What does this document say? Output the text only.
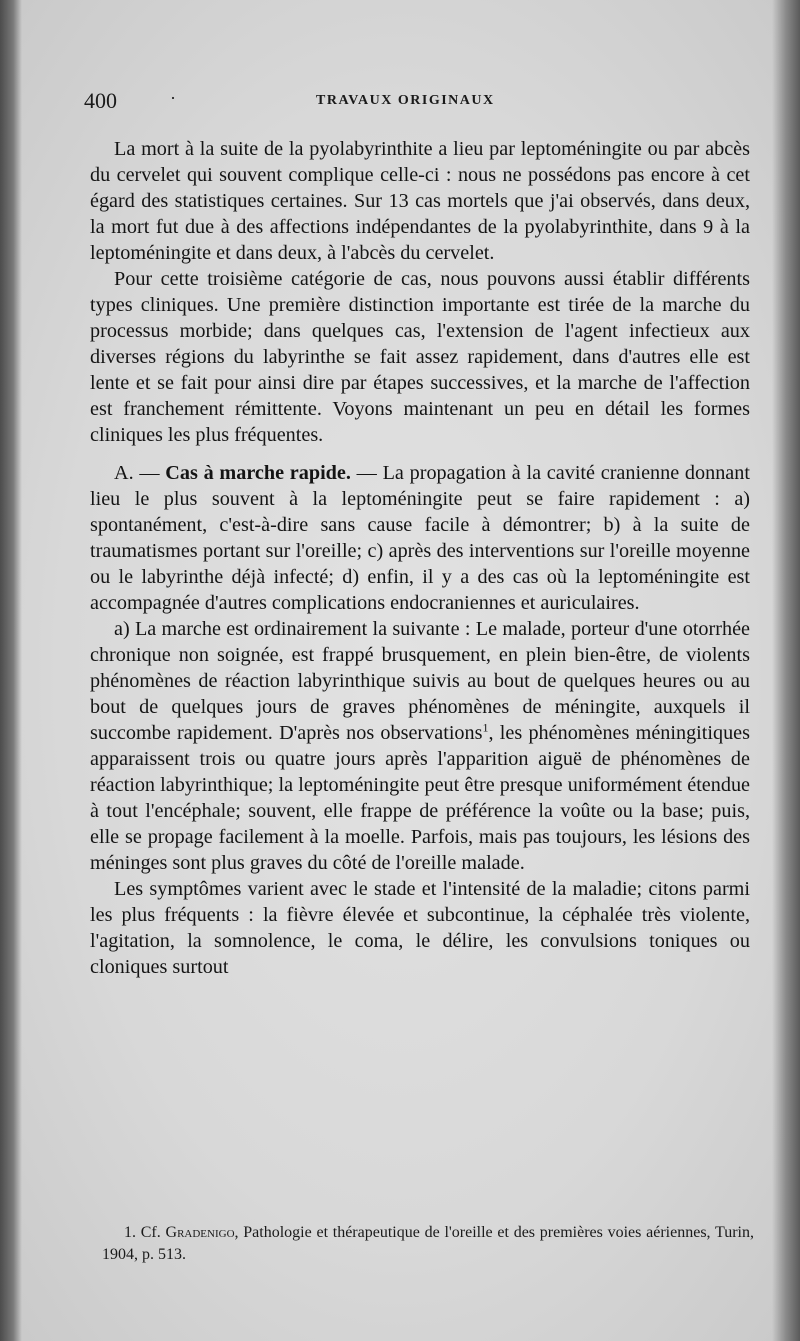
400	·	TRAVAUX ORIGINAUX

La mort à la suite de la pyolabyrinthite a lieu par leptoméningite ou par abcès du cervelet qui souvent complique celle-ci : nous ne possédons pas encore à cet égard des statistiques certaines. Sur 13 cas mortels que j'ai observés, dans deux, la mort fut due à des affections indépendantes de la pyolabyrinthite, dans 9 à la leptoméningite et dans deux, à l'abcès du cervelet.

Pour cette troisième catégorie de cas, nous pouvons aussi établir différents types cliniques. Une première distinction importante est tirée de la marche du processus morbide; dans quelques cas, l'extension de l'agent infectieux aux diverses régions du labyrinthe se fait assez rapidement, dans d'autres elle est lente et se fait pour ainsi dire par étapes successives, et la marche de l'affection est franchement rémittente. Voyons maintenant un peu en détail les formes cliniques les plus fréquentes.

A. — Cas à marche rapide. — La propagation à la cavité cranienne donnant lieu le plus souvent à la leptoméningite peut se faire rapidement : a) spontanément, c'est-à-dire sans cause facile à démontrer; b) à la suite de traumatismes portant sur l'oreille; c) après des interventions sur l'oreille moyenne ou le labyrinthe déjà infecté; d) enfin, il y a des cas où la leptoméningite est accompagnée d'autres complications endocraniennes et auriculaires.

a) La marche est ordinairement la suivante : Le malade, porteur d'une otorrhée chronique non soignée, est frappé brusquement, en plein bien-être, de violents phénomènes de réaction labyrinthique suivis au bout de quelques heures ou au bout de quelques jours de graves phénomènes de méningite, auxquels il succombe rapidement. D'après nos observations$^1$, les phénomènes méningitiques apparaissent trois ou quatre jours après l'apparition aiguë de phénomènes de réaction labyrinthique; la leptoméningite peut être presque uniformément étendue à tout l'encéphale; souvent, elle frappe de préférence la voûte ou la base; puis, elle se propage facilement à la moelle. Parfois, mais pas toujours, les lésions des méninges sont plus graves du côté de l'oreille malade.

Les symptômes varient avec le stade et l'intensité de la maladie; citons parmi les plus fréquents : la fièvre élevée et subcontinue, la céphalée très violente, l'agitation, la somnolence, le coma, le délire, les convulsions toniques ou cloniques surtout

1. Cf. Gradenigo, Pathologie et thérapeutique de l'oreille et des premières voies aériennes, Turin, 1904, p. 513.
